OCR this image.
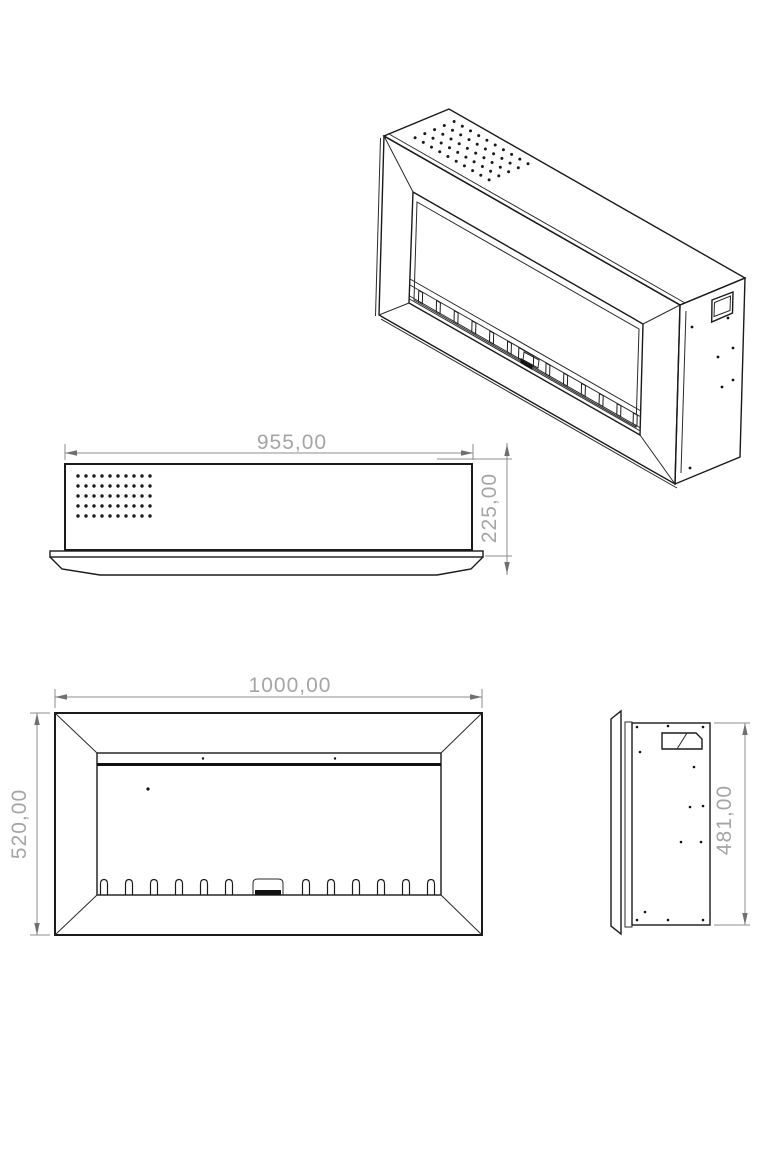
955,00
225,00
1000,00
520,00	481,00
